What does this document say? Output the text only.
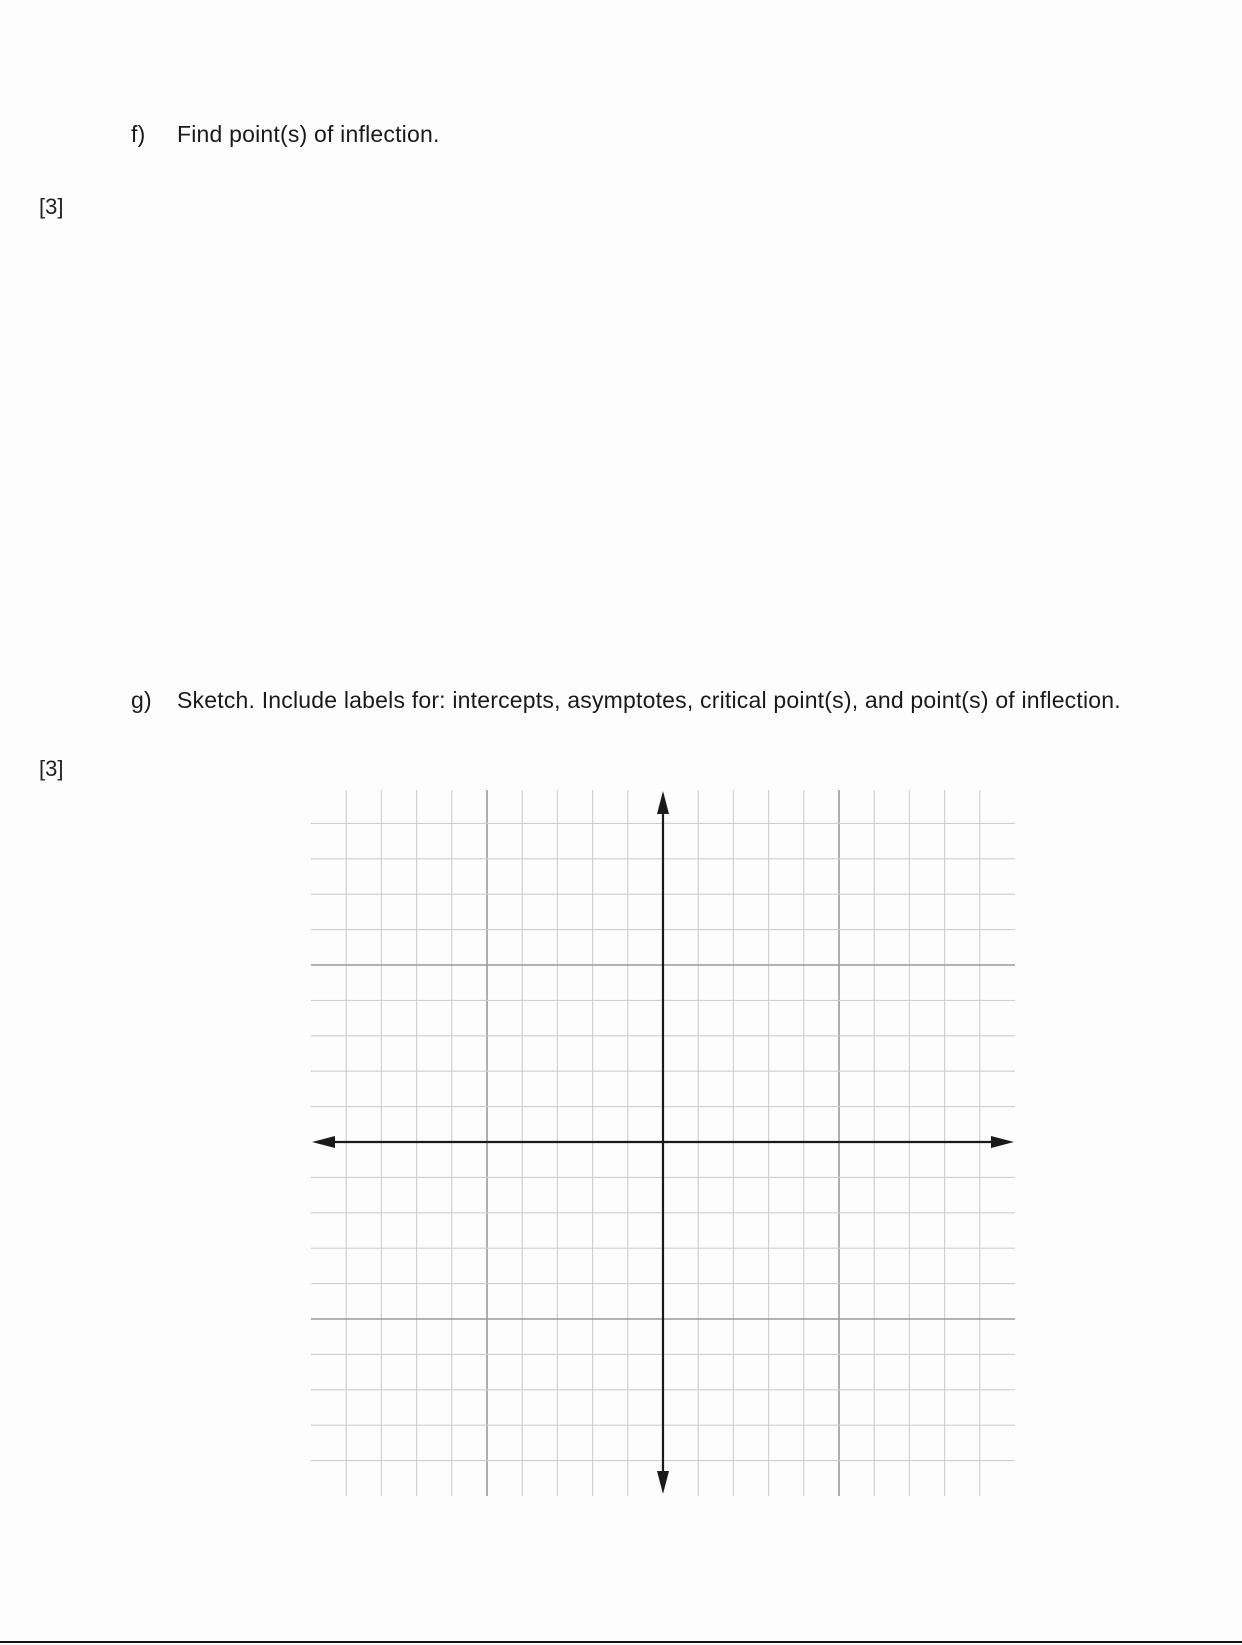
f) Find point(s) of inflection.
[3]
g) Sketch. Include labels for: intercepts, asymptotes, critical point(s), and point(s) of inflection.
[3]
